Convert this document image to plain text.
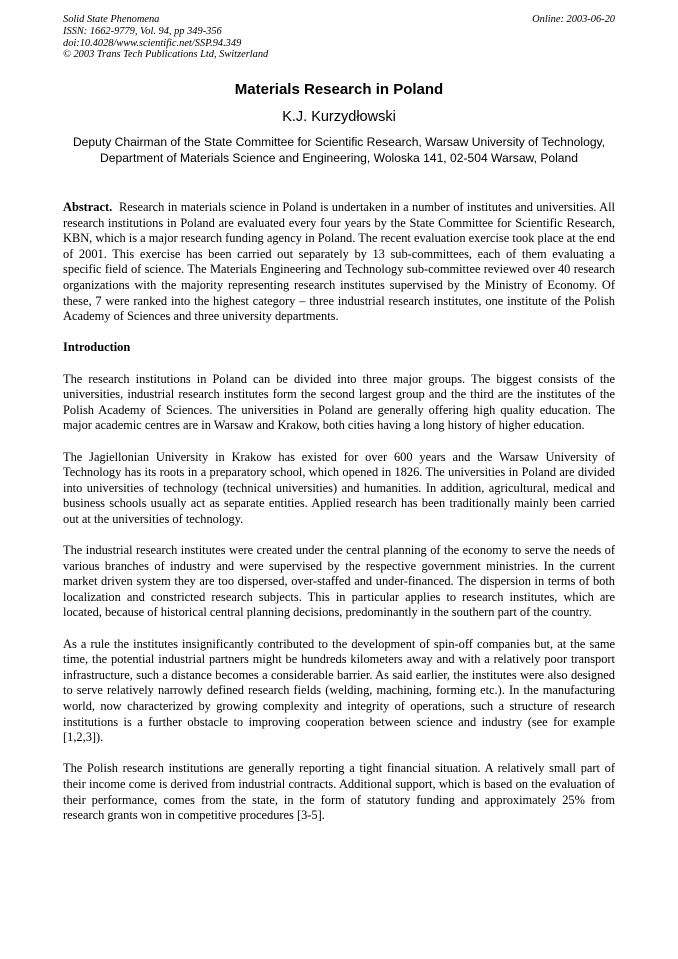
Solid State Phenomena
ISSN: 1662-9779, Vol. 94, pp 349-356
doi:10.4028/www.scientific.net/SSP.94.349
© 2003 Trans Tech Publications Ltd, Switzerland
Online: 2003-06-20
Materials Research in Poland
K.J. Kurzydłowski
Deputy Chairman of the State Committee for Scientific Research, Warsaw University of Technology, Department of Materials Science and Engineering, Woloska 141, 02-504 Warsaw, Poland

Abstract. Research in materials science in Poland is undertaken in a number of institutes and universities. All research institutions in Poland are evaluated every four years by the State Committee for Scientific Research, KBN, which is a major research funding agency in Poland. The recent evaluation exercise took place at the end of 2001. This exercise has been carried out separately by 13 sub-committees, each of them evaluating a specific field of science. The Materials Engineering and Technology sub-committee reviewed over 40 research organizations with the majority representing research institutes supervised by the Ministry of Economy. Of these, 7 were ranked into the highest category – three industrial research institutes, one institute of the Polish Academy of Sciences and three university departments.

Introduction

The research institutions in Poland can be divided into three major groups. The biggest consists of the universities, industrial research institutes form the second largest group and the third are the institutes of the Polish Academy of Sciences. The universities in Poland are generally offering high quality education. The major academic centres are in Warsaw and Krakow, both cities having a long history of higher education.

The Jagiellonian University in Krakow has existed for over 600 years and the Warsaw University of Technology has its roots in a preparatory school, which opened in 1826. The universities in Poland are divided into universities of technology (technical universities) and humanities. In addition, agricultural, medical and business schools usually act as separate entities. Applied research has been traditionally mainly been carried out at the universities of technology.

The industrial research institutes were created under the central planning of the economy to serve the needs of various branches of industry and were supervised by the respective government ministries. In the current market driven system they are too dispersed, over-staffed and under-financed. The dispersion in terms of both localization and constricted research subjects. This in particular applies to research institutes, which are located, because of historical central planning decisions, predominantly in the southern part of the country.

As a rule the institutes insignificantly contributed to the development of spin-off companies but, at the same time, the potential industrial partners might be hundreds kilometers away and with a relatively poor transport infrastructure, such a distance becomes a considerable barrier. As said earlier, the institutes were also designed to serve relatively narrowly defined research fields (welding, machining, forming etc.). In the manufacturing world, now characterized by growing complexity and integrity of operations, such a structure of research institutions is a further obstacle to improving cooperation between science and industry (see for example [1,2,3]).

The Polish research institutions are generally reporting a tight financial situation. A relatively small part of their income come is derived from industrial contracts. Additional support, which is based on the evaluation of their performance, comes from the state, in the form of statutory funding and approximately 25% from research grants won in competitive procedures [3-5].
